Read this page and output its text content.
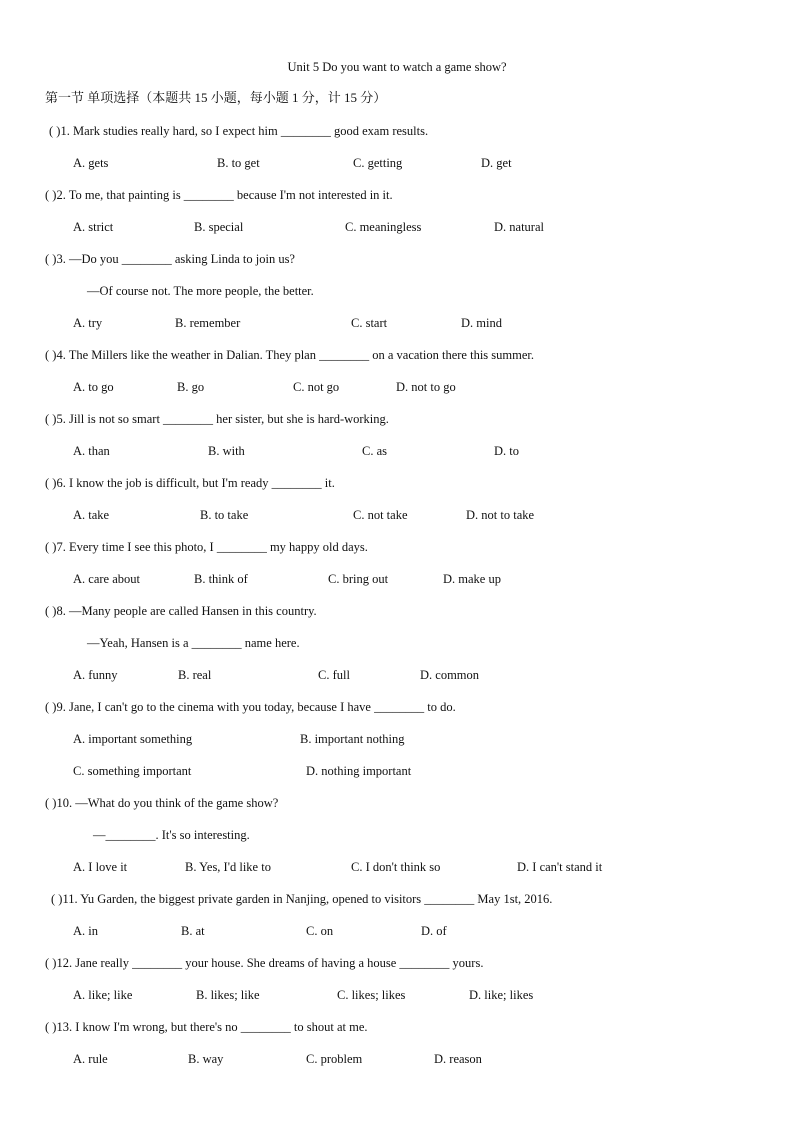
Unit 5 Do you want to watch a game show?
第一节 单项选择（本题共 15 小题，每小题 1 分，计 15 分）
( )1. Mark studies really hard, so I expect him ________ good exam results.
A. gets	B. to get	C. getting	D. get
( )2. To me, that painting is ________ because I'm not interested in it.
A. strict	B. special	C. meaningless	D. natural
( )3. —Do you ________ asking Linda to join us?
—Of course not. The more people, the better.
A. try	B. remember	C. start	D. mind
( )4. The Millers like the weather in Dalian. They plan ________ on a vacation there this summer.
A. to go	B. go	C. not go	D. not to go
( )5. Jill is not so smart ________ her sister, but she is hard-working.
A. than	B. with	C. as	D. to
( )6. I know the job is difficult, but I'm ready ________ it.
A. take	B. to take	C. not take	D. not to take
( )7. Every time I see this photo, I ________ my happy old days.
A. care about	B. think of	C. bring out	D. make up
( )8. —Many people are called Hansen in this country.
—Yeah, Hansen is a ________ name here.
A. funny	B. real	C. full	D. common
( )9. Jane, I can't go to the cinema with you today, because I have ________ to do.
A. important something	B. important nothing
C. something important	D. nothing important
( )10. —What do you think of the game show?
—________. It's so interesting.
A. I love it	B. Yes, I'd like to	C. I don't think so	D. I can't stand it
( )11. Yu Garden, the biggest private garden in Nanjing, opened to visitors ________ May 1st, 2016.
A. in	B. at	C. on	D. of
( )12. Jane really ________ your house. She dreams of having a house ________ yours.
A. like; like	B. likes; like	C. likes; likes	D. like; likes
( )13. I know I'm wrong, but there's no ________ to shout at me.
A. rule	B. way	C. problem	D. reason
